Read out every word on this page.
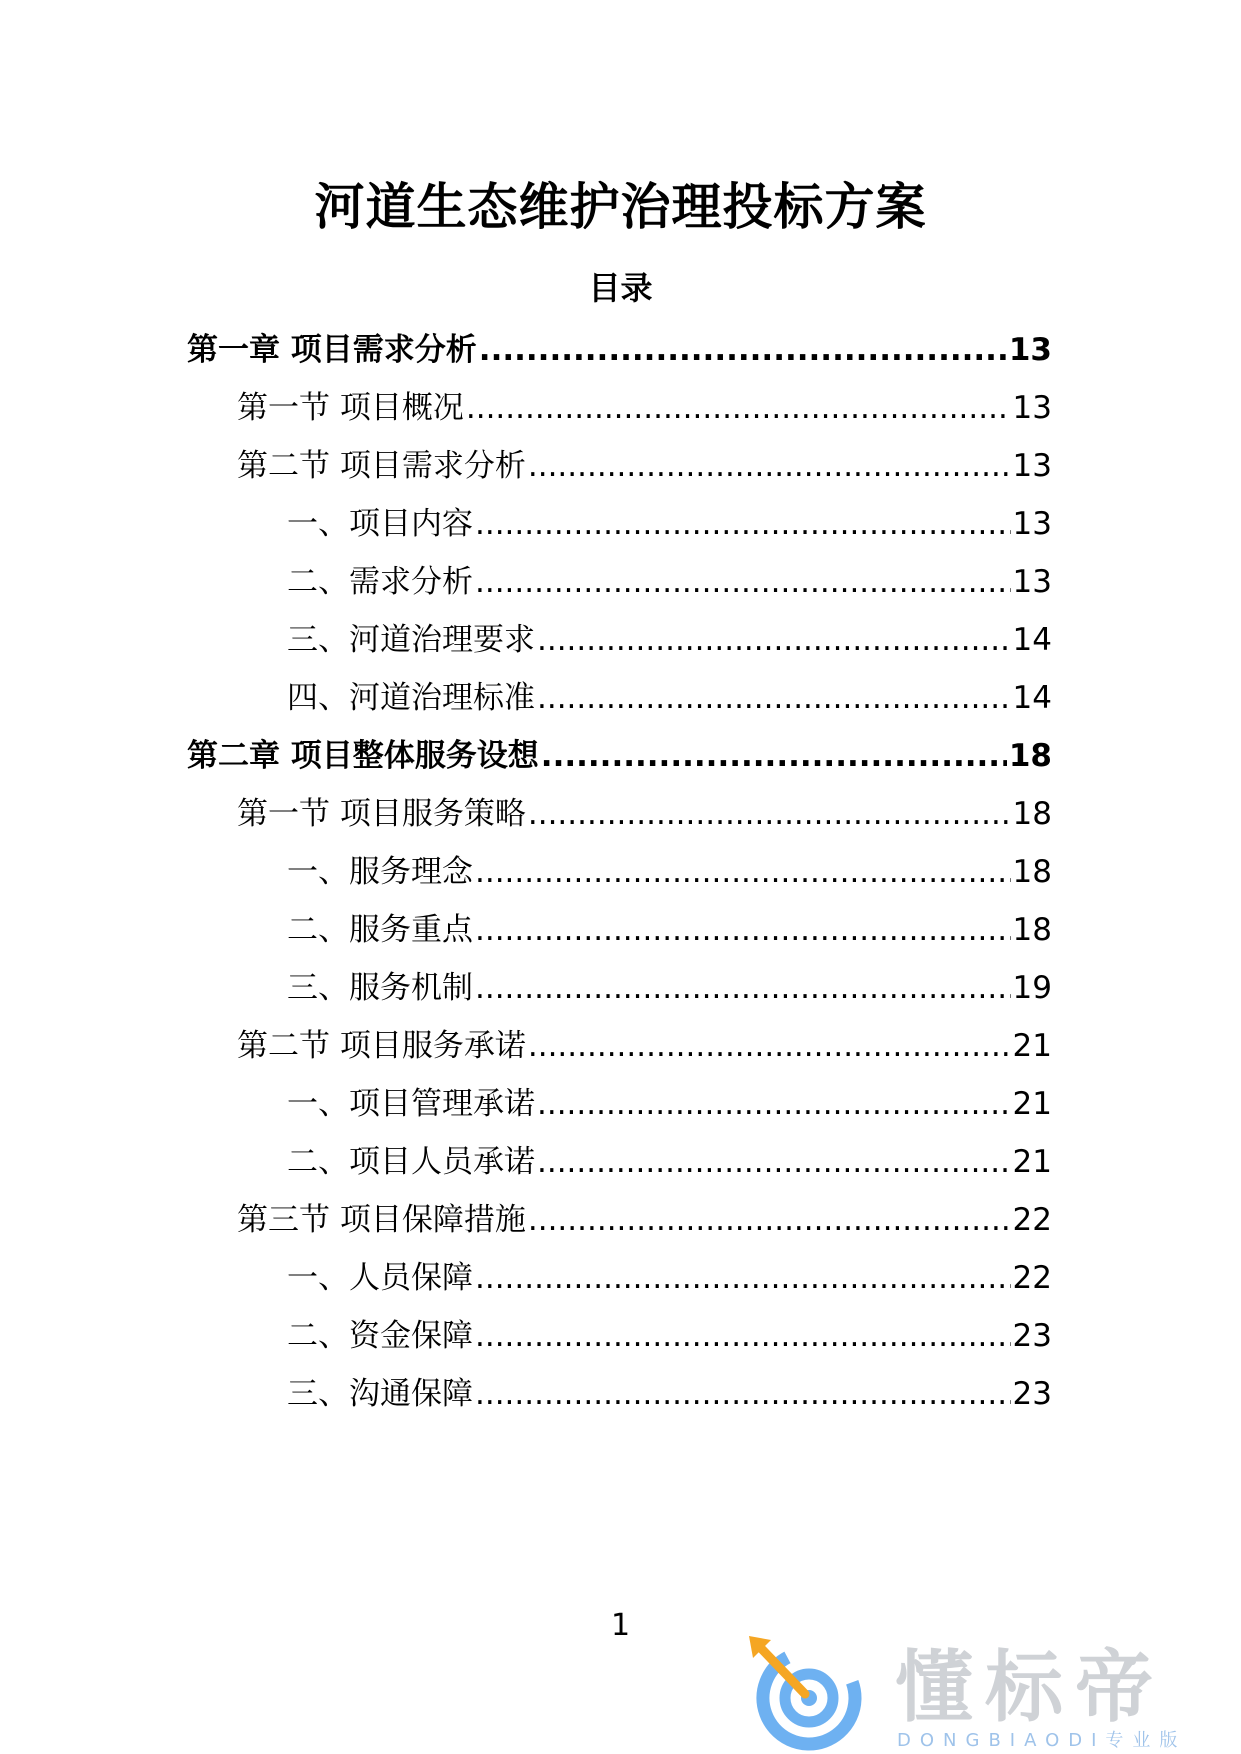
河道生态维护治理投标方案
目录
第一章 项目需求分析 .....	13
第一节 项目概况 .....	13
第二节 项目需求分析 .....	13
一、项目内容 .....	13
二、需求分析 .....	13
三、河道治理要求 .....	14
四、河道治理标准 .....	14
第二章 项目整体服务设想 .....	18
第一节 项目服务策略 .....	18
一、服务理念 .....	18
二、服务重点 .....	18
三、服务机制 .....	19
第二节 项目服务承诺 .....	21
一、项目管理承诺 .....	21
二、项目人员承诺 .....	21
第三节 项目保障措施 .....	22
一、人员保障 .....	22
二、资金保障 .....	23
三、沟通保障 .....	23
1
懂标帝
DONGBIAODI专业版
